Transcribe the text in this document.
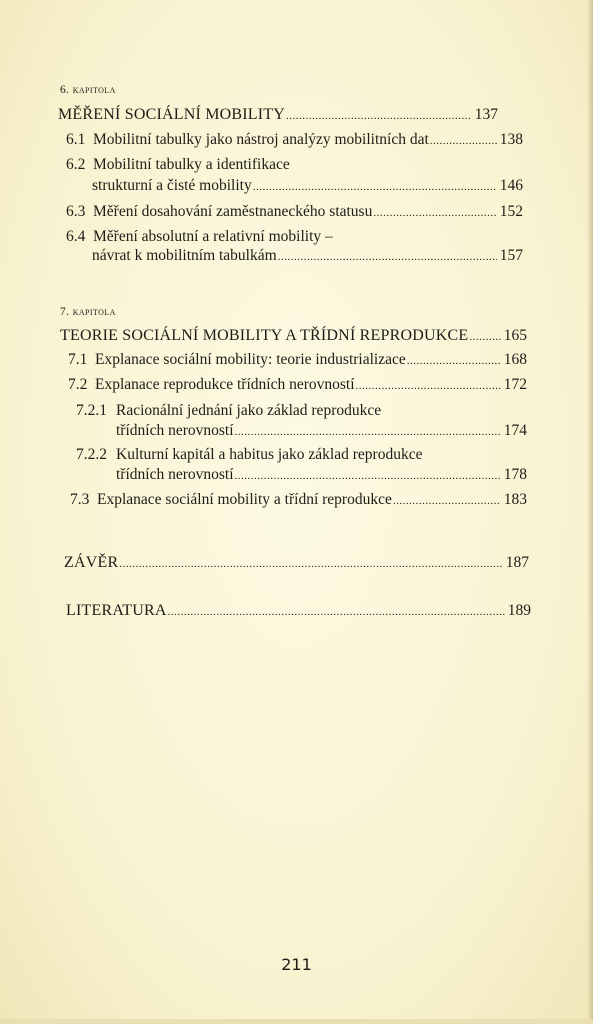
6. kapitola
MĚŘENÍ SOCIÁLNÍ MOBILITY .....	137
6.1 Mobilitní tabulky jako nástroj analýzy mobilitních dat .....	138
6.2 Mobilitní tabulky a identifikace
strukturní a čisté mobility .....	146
6.3 Měření dosahování zaměstnaneckého statusu .....	152
6.4 Měření absolutní a relativní mobility –
návrat k mobilitním tabulkám .....	157
7. kapitola
TEORIE SOCIÁLNÍ MOBILITY A TŘÍDNÍ REPRODUKCE ..... 165
7.1 Explanace sociální mobility: teorie industrializace .....	168
7.2 Explanace reprodukce třídních nerovností .....	172
7.2.1 Racionální jednání jako základ reprodukce
třídních nerovností .....	174
7.2.2 Kulturní kapitál a habitus jako základ reprodukce
třídních nerovností .....	178
7.3 Explanace sociální mobility a třídní reprodukce .....	183
ZÁVĚR .....	187
LITERATURA .....	189
211
